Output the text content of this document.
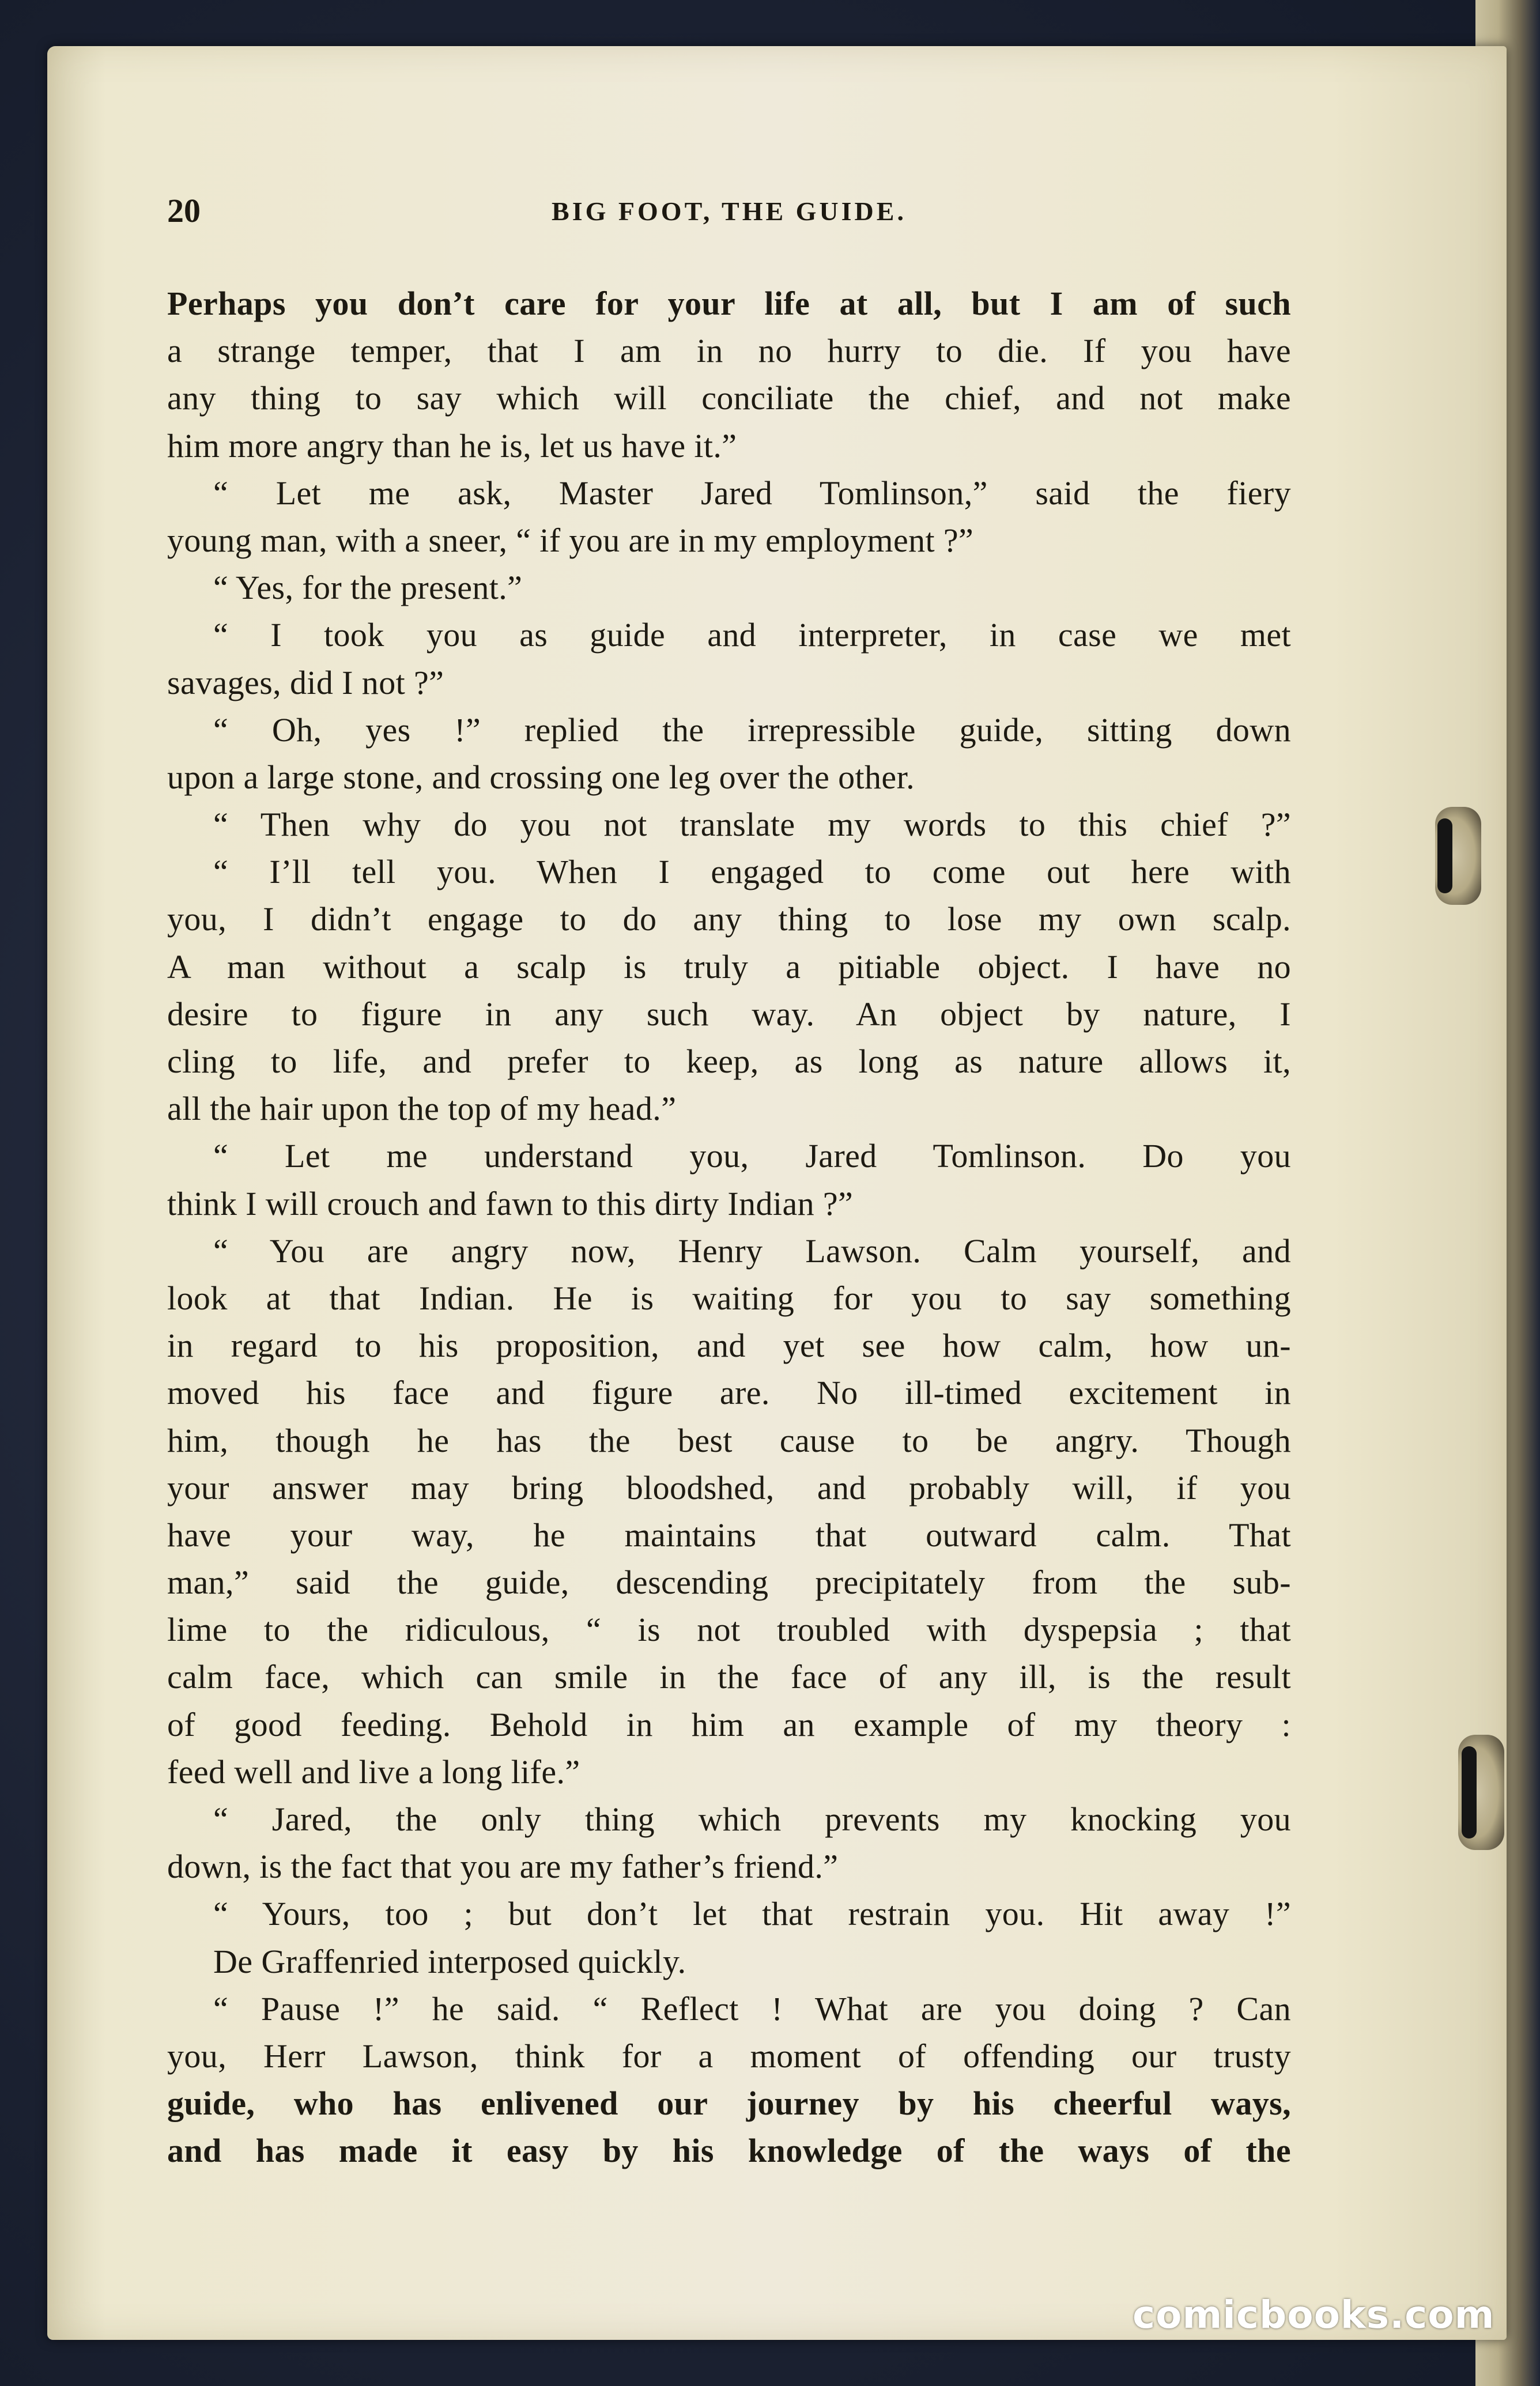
20	BIG FOOT, THE GUIDE.
Perhaps you don’t care for your life at all, but I am of such
a strange temper, that I am in no hurry to die. If you have
any thing to say which will conciliate the chief, and not make
him more angry than he is, let us have it.”
“ Let me ask, Master Jared Tomlinson,” said the fiery
young man, with a sneer, “ if you are in my employment ?”
“ Yes, for the present.”
“ I took you as guide and interpreter, in case we met
savages, did I not ?”
“ Oh, yes !” replied the irrepressible guide, sitting down
upon a large stone, and crossing one leg over the other.
“ Then why do you not translate my words to this chief ?”
“ I’ll tell you. When I engaged to come out here with
you, I didn’t engage to do any thing to lose my own scalp.
A man without a scalp is truly a pitiable object. I have no
desire to figure in any such way. An object by nature, I
cling to life, and prefer to keep, as long as nature allows it,
all the hair upon the top of my head.”
“ Let me understand you, Jared Tomlinson. Do you
think I will crouch and fawn to this dirty Indian ?”
“ You are angry now, Henry Lawson. Calm yourself, and
look at that Indian. He is waiting for you to say something
in regard to his proposition, and yet see how calm, how un-
moved his face and figure are. No ill-timed excitement in
him, though he has the best cause to be angry. Though
your answer may bring bloodshed, and probably will, if you
have your way, he maintains that outward calm. That
man,” said the guide, descending precipitately from the sub-
lime to the ridiculous, “ is not troubled with dyspepsia ; that
calm face, which can smile in the face of any ill, is the result
of good feeding. Behold in him an example of my theory :
feed well and live a long life.”
“ Jared, the only thing which prevents my knocking you
down, is the fact that you are my father’s friend.”
“ Yours, too ; but don’t let that restrain you. Hit away !”
De Graffenried interposed quickly.
“ Pause !” he said. “ Reflect ! What are you doing ? Can
you, Herr Lawson, think for a moment of offending our trusty
guide, who has enlivened our journey by his cheerful ways,
and has made it easy by his knowledge of the ways of the
comicbooks.com
